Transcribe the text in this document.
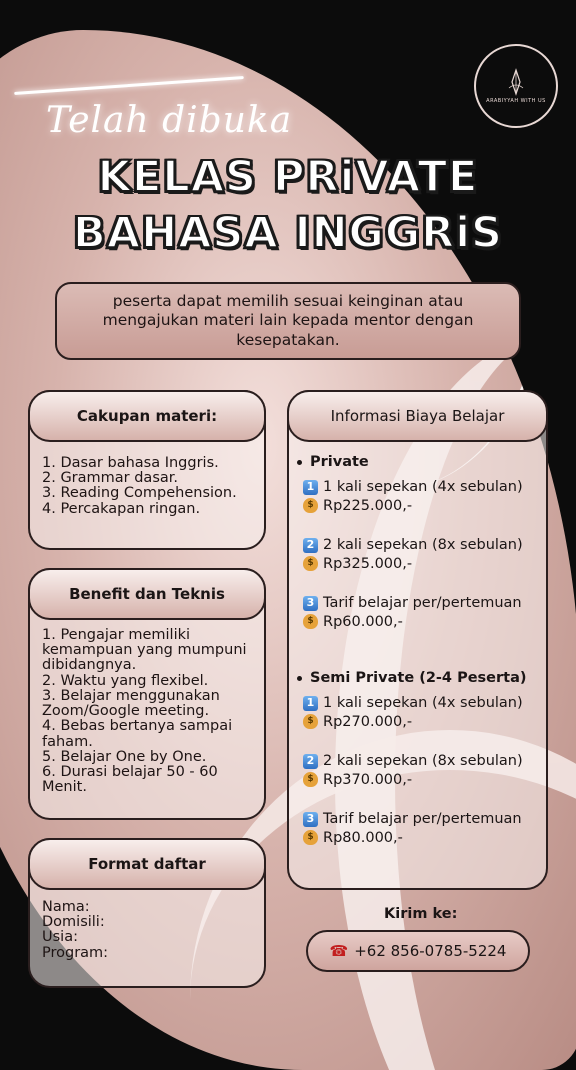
ARABIYYAH WITH US
Telah dibuka
KELAS PRiVATE
BAHASA INGGRiS
peserta dapat memilih sesuai keinginan atau mengajukan materi lain kepada mentor dengan kesepatakan.
Cakupan materi:
1. Dasar bahasa Inggris.
2. Grammar dasar.
3. Reading Compehension.
4. Percakapan ringan.
Benefit dan Teknis
1. Pengajar memiliki kemampuan yang mumpuni dibidangnya.
2. Waktu yang flexibel.
3. Belajar menggunakan Zoom/Google meeting.
4. Bebas bertanya sampai faham.
5. Belajar One by One.
6. Durasi belajar 50 - 60 Menit.
Format daftar
Nama:
Domisili:
Usia:
Program:
Informasi Biaya Belajar
Private
1 1 kali sepekan (4x sebulan)
$ Rp225.000,-
2 2 kali sepekan (8x sebulan)
$ Rp325.000,-
3 Tarif belajar per/pertemuan
$ Rp60.000,-
Semi Private (2-4 Peserta)
1 1 kali sepekan (4x sebulan)
$ Rp270.000,-
2 2 kali sepekan (8x sebulan)
$ Rp370.000,-
3 Tarif belajar per/pertemuan
$ Rp80.000,-
Kirim ke:
☎ +62 856-0785-5224
